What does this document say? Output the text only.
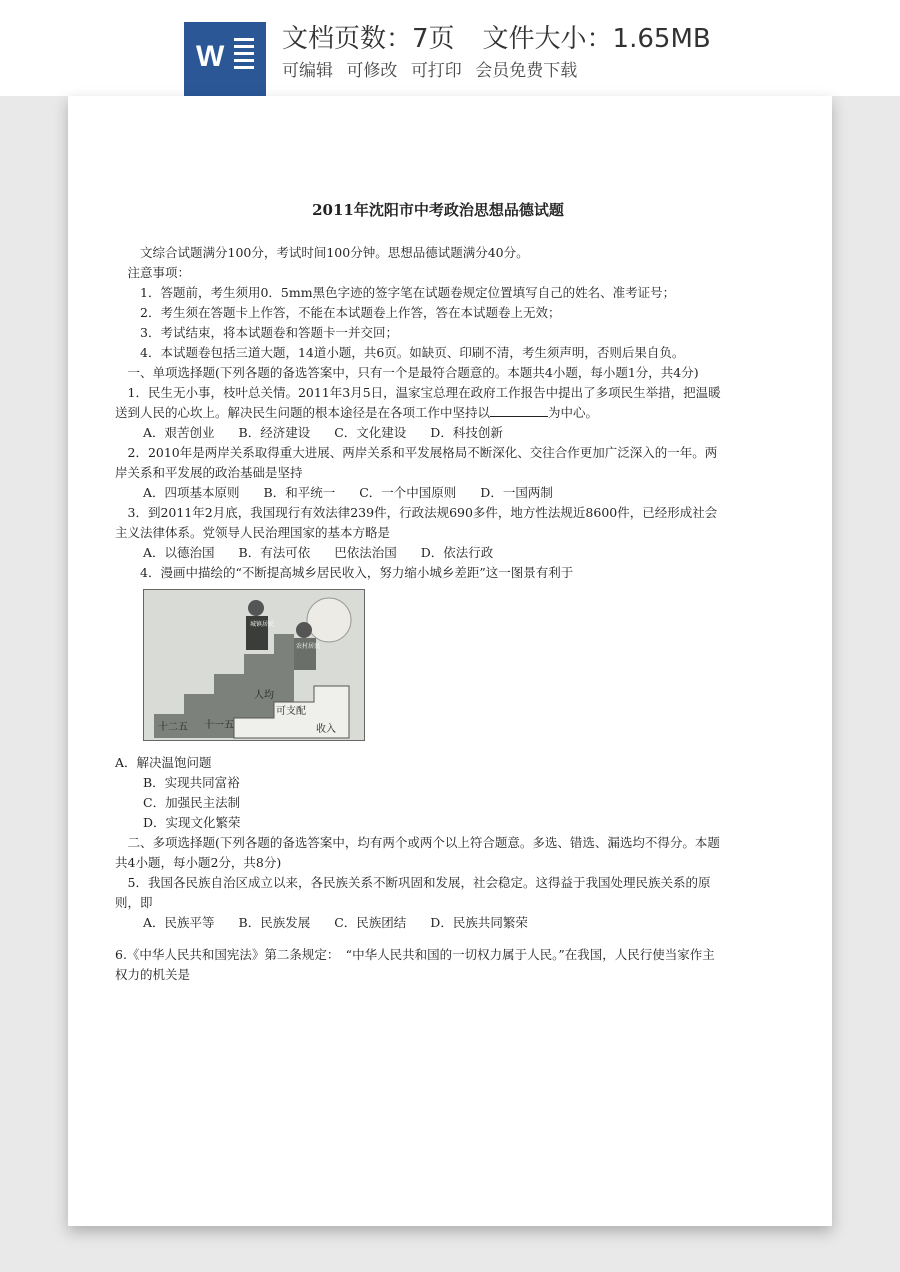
W
文档页数：7页 文件大小：1.65MB
可编辑 可修改 可打印 会员免费下载
2011年沈阳市中考政治思想品德试题

文综合试题满分100分，考试时间100分钟。思想品德试题满分40分。

注意事项：

1．答题前，考生须用0．5mm黑色字迹的签字笔在试题卷规定位置填写自己的姓名、准考证号；

2．考生须在答题卡上作答，不能在本试题卷上作答，答在本试题卷上无效；

3．考试结束，将本试题卷和答题卡一并交回；

4．本试题卷包括三道大题，14道小题，共6页。如缺页、印刷不清，考生须声明，否则后果自负。

一、单项选择题(下列各题的备选答案中，只有一个是最符合题意的。本题共4小题，每小题1分，共4分)

1．民生无小事，枝叶总关情。2011年3月5日，温家宝总理在政府工作报告中提出了多项民生举措，把温暖送到人民的心坎上。解决民生问题的根本途径是在各项工作中坚持以	为中心。

A．艰苦创业 B．经济建设 C．文化建设 D．科技创新

2．2010年是两岸关系取得重大进展、两岸关系和平发展格局不断深化、交往合作更加广泛深入的一年。两岸关系和平发展的政治基础是坚持

A．四项基本原则 B．和平统一 C．一个中国原则 D．一国两制

3．到2011年2月底，我国现行有效法律239件，行政法规690多件，地方性法规近8600件，已经形成社会主义法律体系。党领导人民治理国家的基本方略是

A．以德治国 B．有法可依 巴依法治国 D．依法行政

4．漫画中描绘的“不断提高城乡居民收入，努力缩小城乡差距”这一图景有利于

十二五 十一五
人均
可支配
收入
城镇居民
农村居民
A．解决温饱问题
B．实现共同富裕
C．加强民主法制
D．实现文化繁荣

二、多项选择题(下列各题的备选答案中，均有两个或两个以上符合题意。多选、错选、漏选均不得分。本题共4小题，每小题2分，共8分)

5．我国各民族自治区成立以来，各民族关系不断巩固和发展，社会稳定。这得益于我国处理民族关系的原则，即

A．民族平等 B．民族发展 C．民族团结 D．民族共同繁荣

6.《中华人民共和国宪法》第二条规定：　“中华人民共和国的一切权力属于人民。”在我国，人民行使当家作主权力的机关是
